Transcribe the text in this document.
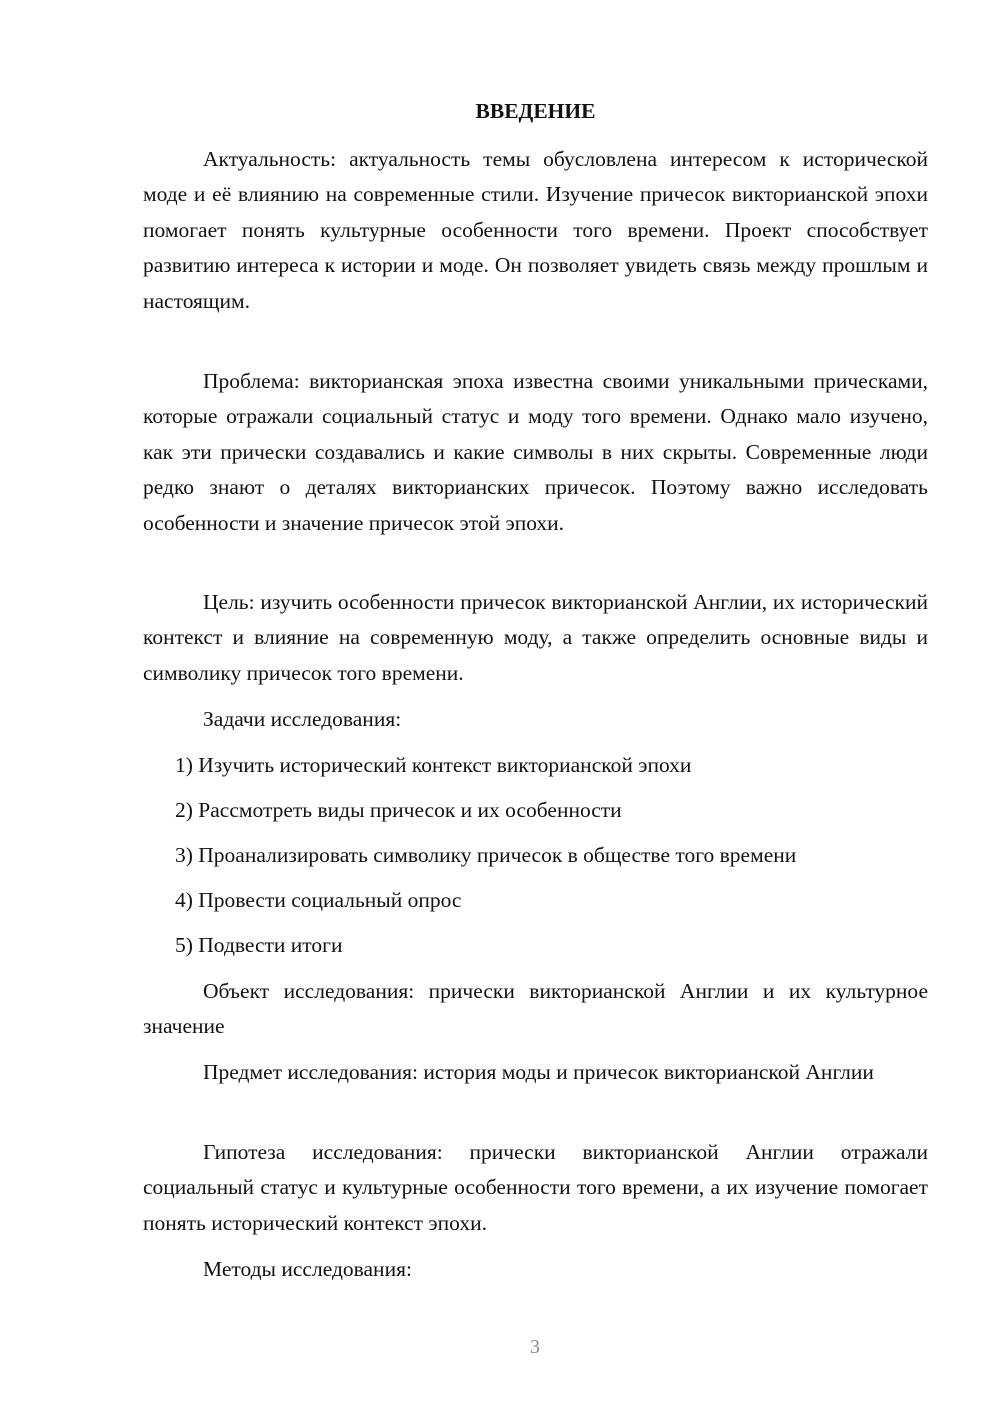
ВВЕДЕНИЕ

Актуальность: актуальность темы обусловлена интересом к исторической моде и её влиянию на современные стили. Изучение причесок викторианской эпохи помогает понять культурные особенности того времени. Проект способствует развитию интереса к истории и моде. Он позволяет увидеть связь между прошлым и настоящим.

Проблема: викторианская эпоха известна своими уникальными прическами, которые отражали социальный статус и моду того времени. Однако мало изучено, как эти прически создавались и какие символы в них скрыты. Современные люди редко знают о деталях викторианских причесок. Поэтому важно исследовать особенности и значение причесок этой эпохи.

Цель: изучить особенности причесок викторианской Англии, их исторический контекст и влияние на современную моду, а также определить основные виды и символику причесок того времени.

Задачи исследования:

1) Изучить исторический контекст викторианской эпохи

2) Рассмотреть виды причесок и их особенности

3) Проанализировать символику причесок в обществе того времени

4) Провести социальный опрос

5) Подвести итоги

Объект исследования: прически викторианской Англии и их культурное значение

Предмет исследования: история моды и причесок викторианской Англии

Гипотеза исследования: прически викторианской Англии отражали социальный статус и культурные особенности того времени, а их изучение помогает понять исторический контекст эпохи.

Методы исследования:

3
